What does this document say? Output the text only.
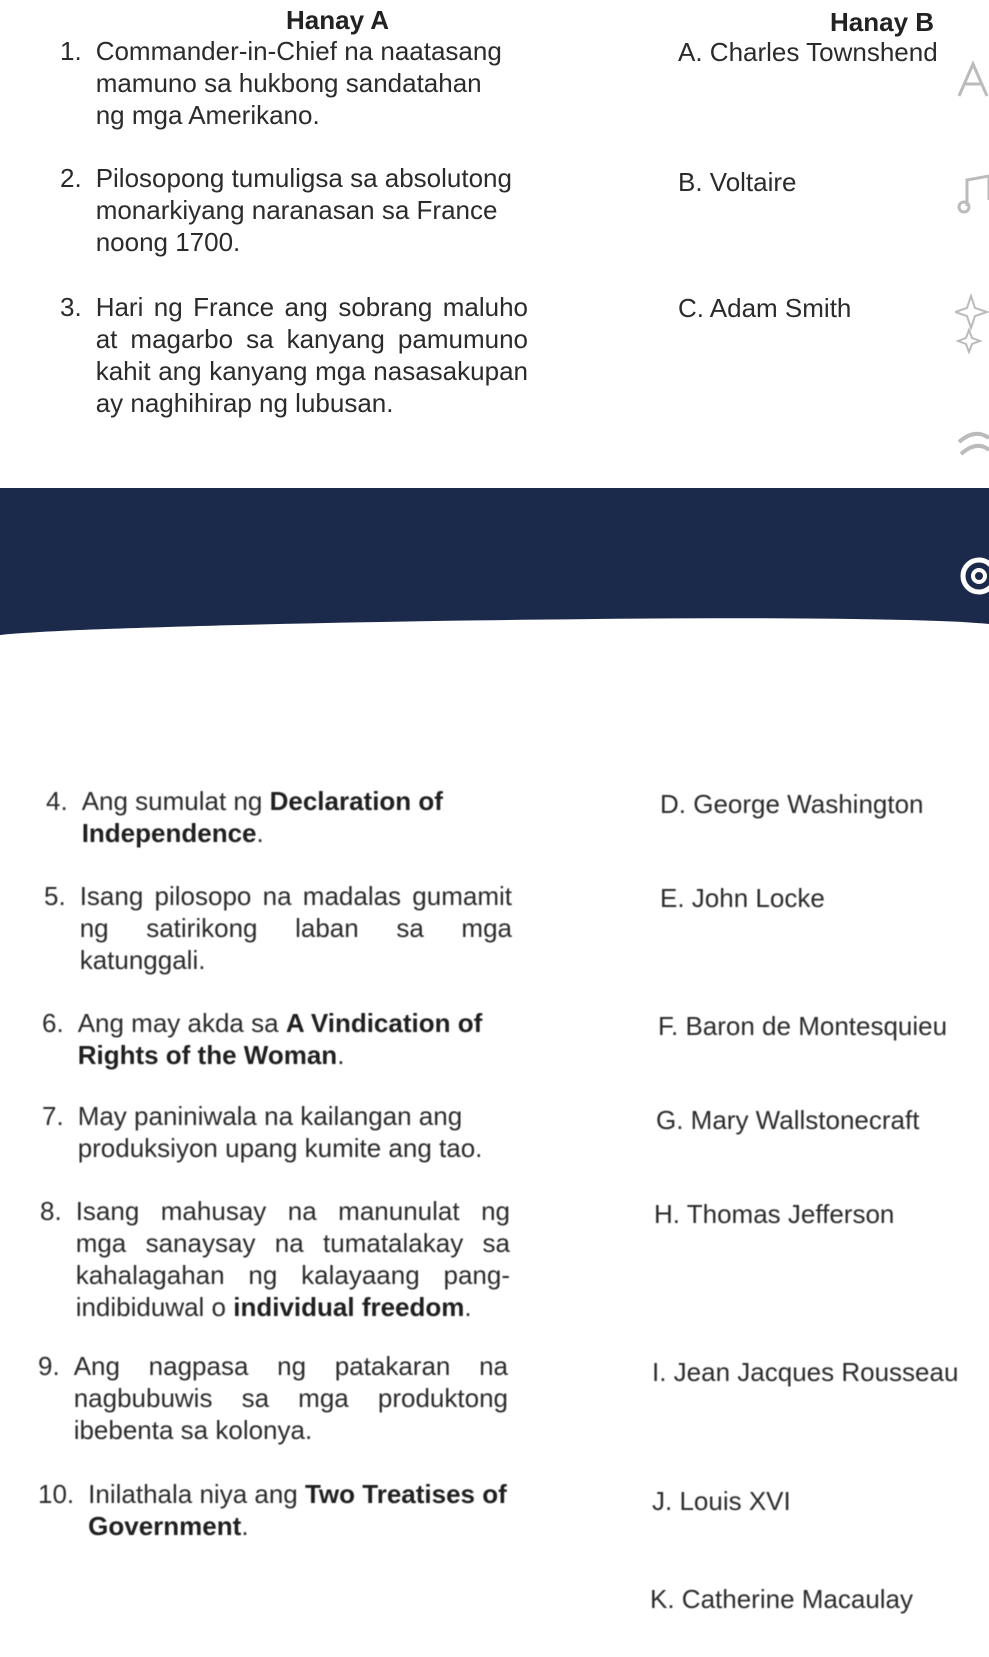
Hanay A	Hanay B
1. Commander-in-Chief na naatasang mamuno sa hukbong sandatahan ng mga Amerikano.
2. Pilosopong tumuligsa sa absolutong monarkiyang naranasan sa France noong 1700.
3. Hari ng France ang sobrang maluho at magarbo sa kanyang pamumuno kahit ang kanyang mga nasasakupan ay naghihirap ng lubusan.
A. Charles Townshend
B. Voltaire
C. Adam Smith
4. Ang sumulat ng Declaration of Independence.
5. Isang pilosopo na madalas gumamit ng satirikong laban sa mga katunggali.
6. Ang may akda sa A Vindication of Rights of the Woman.
7. May paniniwala na kailangan ang produksiyon upang kumite ang tao.
8. Isang mahusay na manunulat ng mga sanaysay na tumatalakay sa kahalagahan ng kalayaang pang-indibiduwal o individual freedom.
9. Ang nagpasa ng patakaran na nagbubuwis sa mga produktong ibebenta sa kolonya.
10. Inilathala niya ang Two Treatises of Government.
D. George Washington
E. John Locke
F. Baron de Montesquieu
G. Mary Wallstonecraft
H. Thomas Jefferson
I. Jean Jacques Rousseau
J. Louis XVI
K. Catherine Macaulay
